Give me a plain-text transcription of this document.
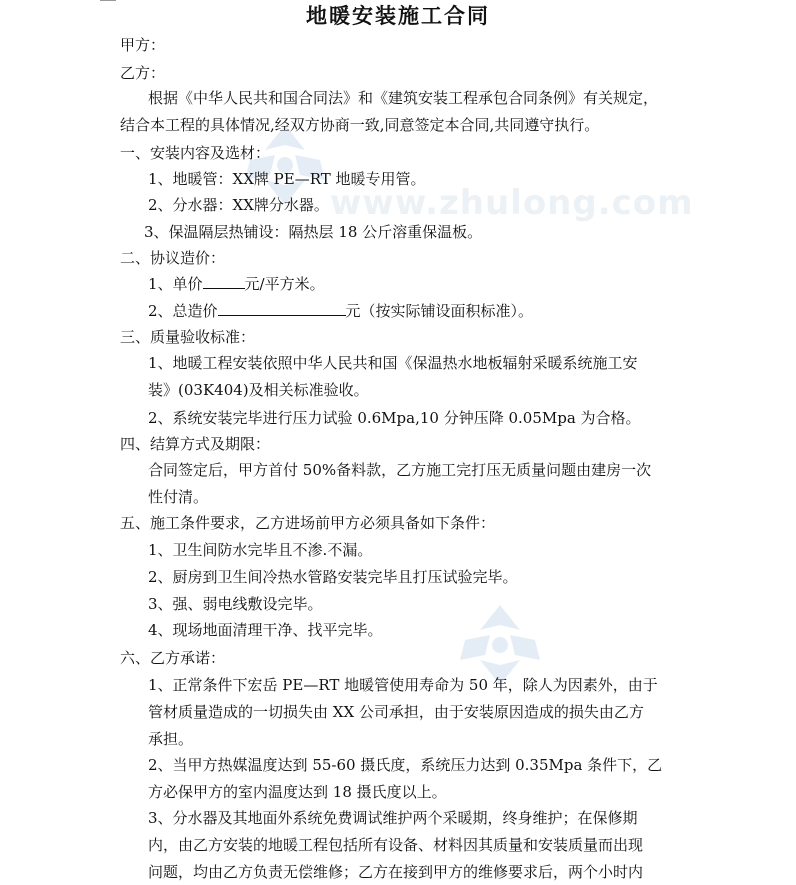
www.zhulong.com
地暖安装施工合同
甲方：
乙方：
根据《中华人民共和国合同法》和《建筑安装工程承包合同条例》有关规定，
结合本工程的具体情况,经双方协商一致,同意签定本合同,共同遵守执行。
一、安装内容及选材：
1、地暖管：XX牌 PE—RT 地暖专用管。
2、分水器：XX牌分水器。
3、保温隔层热铺设：隔热层 18 公斤溶重保温板。
二、协议造价：
1、单价	元/平方米。
2、总造价	元（按实际铺设面积标准）。
三、质量验收标准：
1、地暖工程安装依照中华人民共和国《保温热水地板辐射采暖系统施工安
装》(03K404)及相关标准验收。
2、系统安装完毕进行压力试验 0.6Mpa,10 分钟压降 0.05Mpa 为合格。
四、结算方式及期限：
合同签定后，甲方首付 50%备料款，乙方施工完打压无质量问题由建房一次
性付清。
五、施工条件要求，乙方进场前甲方必须具备如下条件：
1、卫生间防水完毕且不渗.不漏。
2、厨房到卫生间冷热水管路安装完毕且打压试验完毕。
3、强、弱电线敷设完毕。
4、现场地面清理干净、找平完毕。
六、乙方承诺：
1、正常条件下宏岳 PE—RT 地暖管使用寿命为 50 年，除人为因素外，由于
管材质量造成的一切损失由 XX 公司承担，由于安装原因造成的损失由乙方
承担。
2、当甲方热媒温度达到 55-60 摄氏度，系统压力达到 0.35Mpa 条件下，乙
方必保甲方的室内温度达到 18 摄氏度以上。
3、分水器及其地面外系统免费调试维护两个采暖期，终身维护；在保修期
内，由乙方安装的地暖工程包括所有设备、材料因其质量和安装质量而出现
问题，均由乙方负责无偿维修；乙方在接到甲方的维修要求后，两个小时内
